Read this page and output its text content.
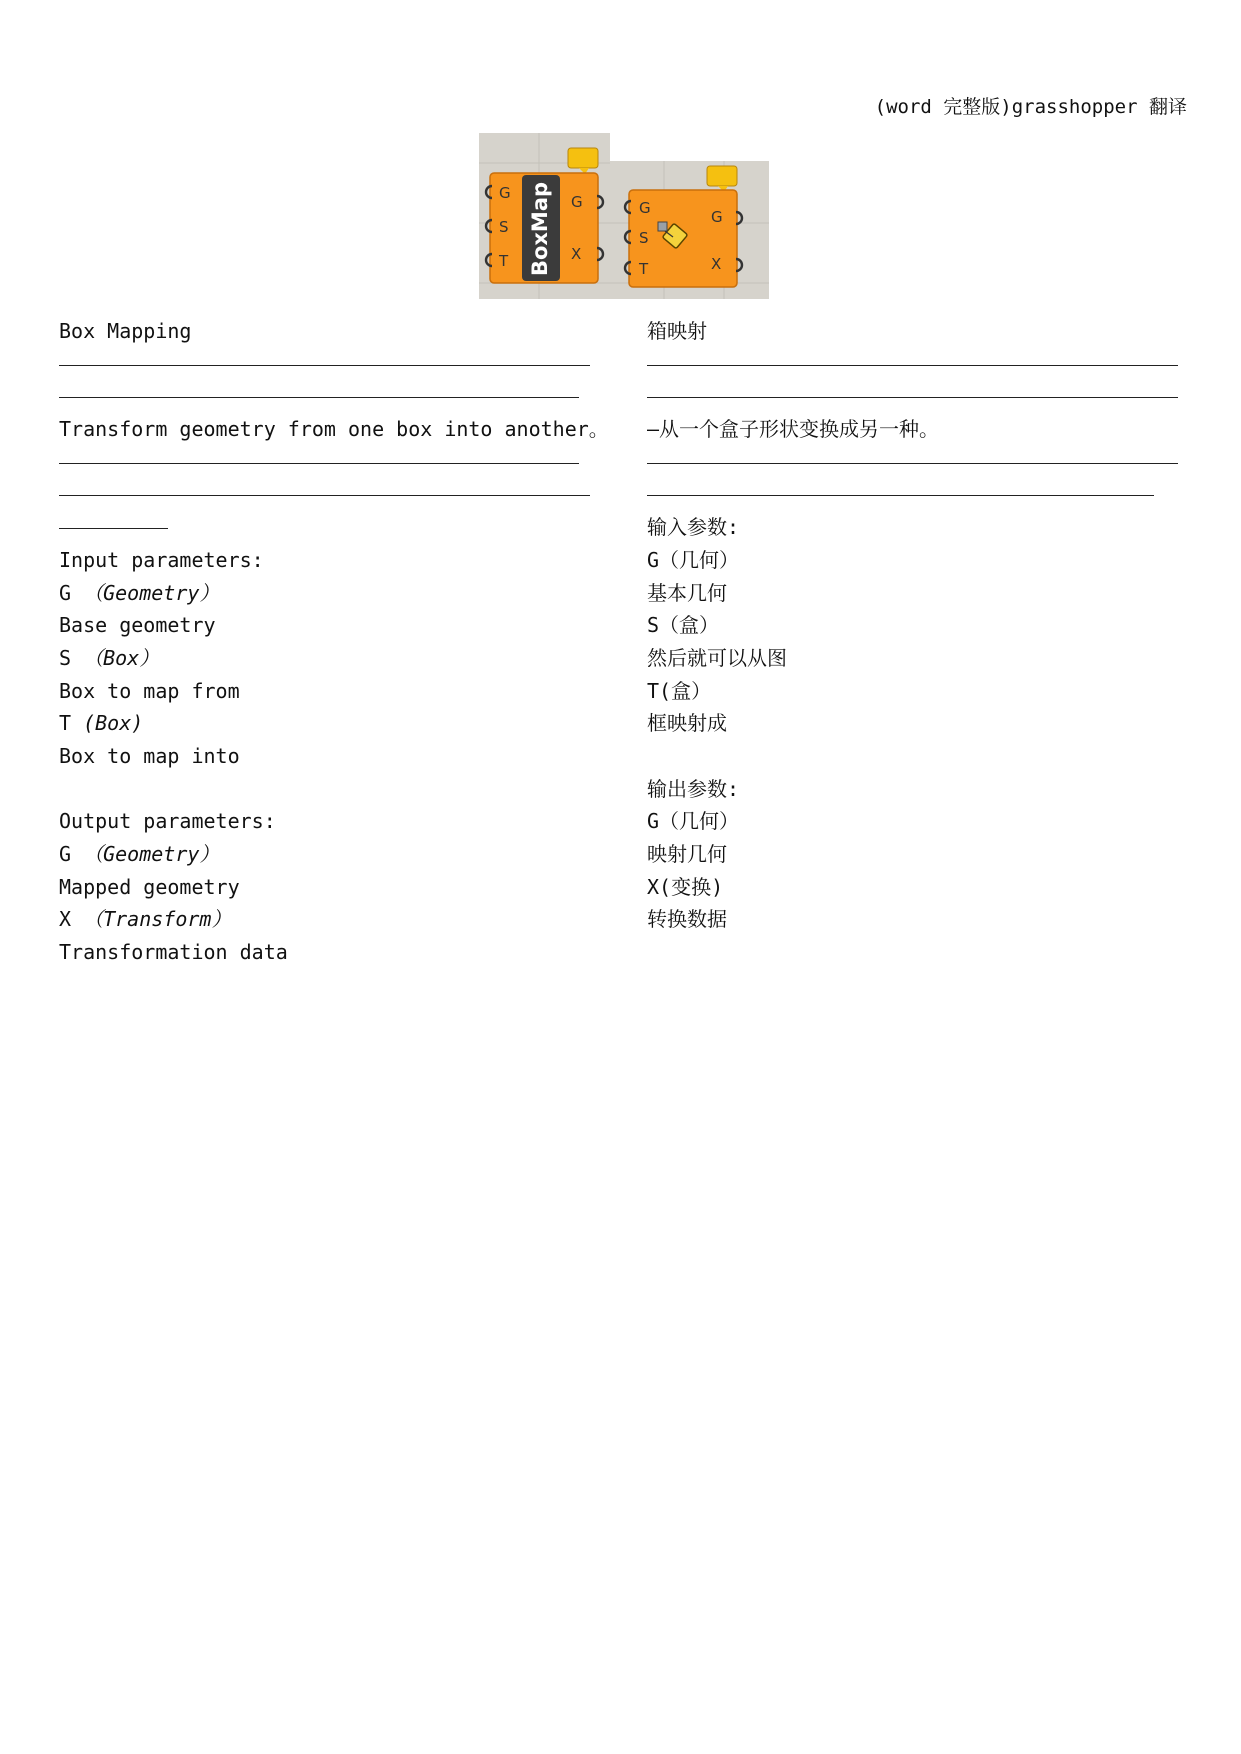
(word 完整版)grasshopper 翻译
BoxMap
G
S
T
G
X
G
S
T
G
X
Box Mapping
Transform geometry from one box into another。
Input parameters:
G （Geometry）
Base geometry
S （Box）
Box to map from
T (Box)
Box to map into
Output parameters:
G （Geometry）
Mapped geometry
X （Transform）
Transformation data
箱映射
—从一个盒子形状变换成另一种。
输入参数:
G（几何）
基本几何
S（盒）
然后就可以从图
T(盒）
框映射成
输出参数:
G（几何）
映射几何
X(变换)
转换数据
